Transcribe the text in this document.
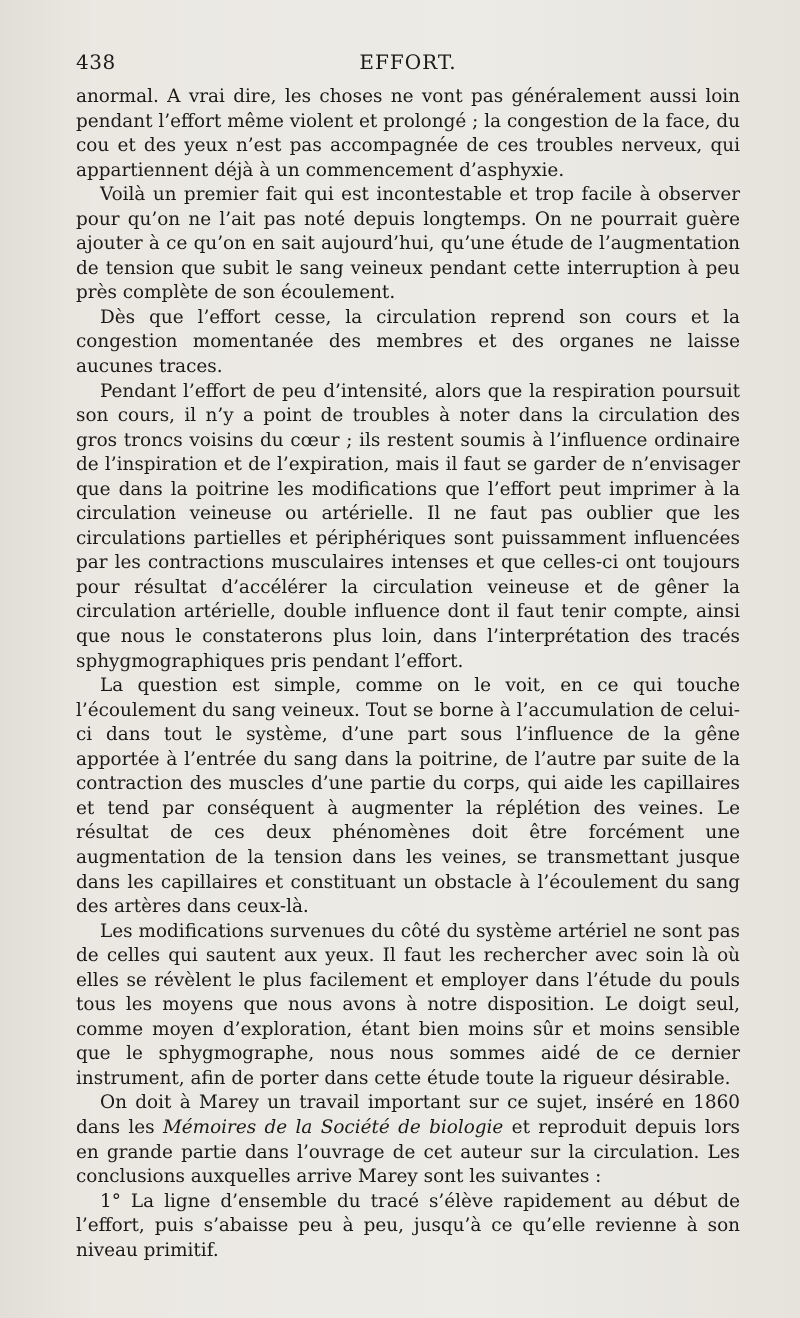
438	EFFORT.

anormal. A vrai dire, les choses ne vont pas généralement aussi loin pendant l’effort même violent et prolongé ; la congestion de la face, du cou et des yeux n’est pas accompagnée de ces troubles nerveux, qui appartiennent déjà à un commencement d’asphyxie.

Voilà un premier fait qui est incontestable et trop facile à observer pour qu’on ne l’ait pas noté depuis longtemps. On ne pourrait guère ajouter à ce qu’on en sait aujourd’hui, qu’une étude de l’augmentation de tension que subit le sang veineux pendant cette interruption à peu près complète de son écoulement.

Dès que l’effort cesse, la circulation reprend son cours et la congestion momentanée des membres et des organes ne laisse aucunes traces.

Pendant l’effort de peu d’intensité, alors que la respiration poursuit son cours, il n’y a point de troubles à noter dans la circulation des gros troncs voisins du cœur ; ils restent soumis à l’influence ordinaire de l’inspiration et de l’expiration, mais il faut se garder de n’envisager que dans la poitrine les modifications que l’effort peut imprimer à la circulation veineuse ou artérielle. Il ne faut pas oublier que les circulations partielles et périphériques sont puissamment influencées par les contractions musculaires intenses et que celles-ci ont toujours pour résultat d’accélérer la circulation veineuse et de gêner la circulation artérielle, double influence dont il faut tenir compte, ainsi que nous le constaterons plus loin, dans l’interprétation des tracés sphygmographiques pris pendant l’effort.

La question est simple, comme on le voit, en ce qui touche l’écoulement du sang veineux. Tout se borne à l’accumulation de celui-ci dans tout le système, d’une part sous l’influence de la gêne apportée à l’entrée du sang dans la poitrine, de l’autre par suite de la contraction des muscles d’une partie du corps, qui aide les capillaires et tend par conséquent à augmenter la réplétion des veines. Le résultat de ces deux phénomènes doit être forcément une augmentation de la tension dans les veines, se transmettant jusque dans les capillaires et constituant un obstacle à l’écoulement du sang des artères dans ceux-là.

Les modifications survenues du côté du système artériel ne sont pas de celles qui sautent aux yeux. Il faut les rechercher avec soin là où elles se révèlent le plus facilement et employer dans l’étude du pouls tous les moyens que nous avons à notre disposition. Le doigt seul, comme moyen d’exploration, étant bien moins sûr et moins sensible que le sphygmographe, nous nous sommes aidé de ce dernier instrument, afin de porter dans cette étude toute la rigueur désirable.

On doit à Marey un travail important sur ce sujet, inséré en 1860 dans les Mémoires de la Société de biologie et reproduit depuis lors en grande partie dans l’ouvrage de cet auteur sur la circulation. Les conclusions auxquelles arrive Marey sont les suivantes :

1° La ligne d’ensemble du tracé s’élève rapidement au début de l’effort, puis s’abaisse peu à peu, jusqu’à ce qu’elle revienne à son niveau primitif.
